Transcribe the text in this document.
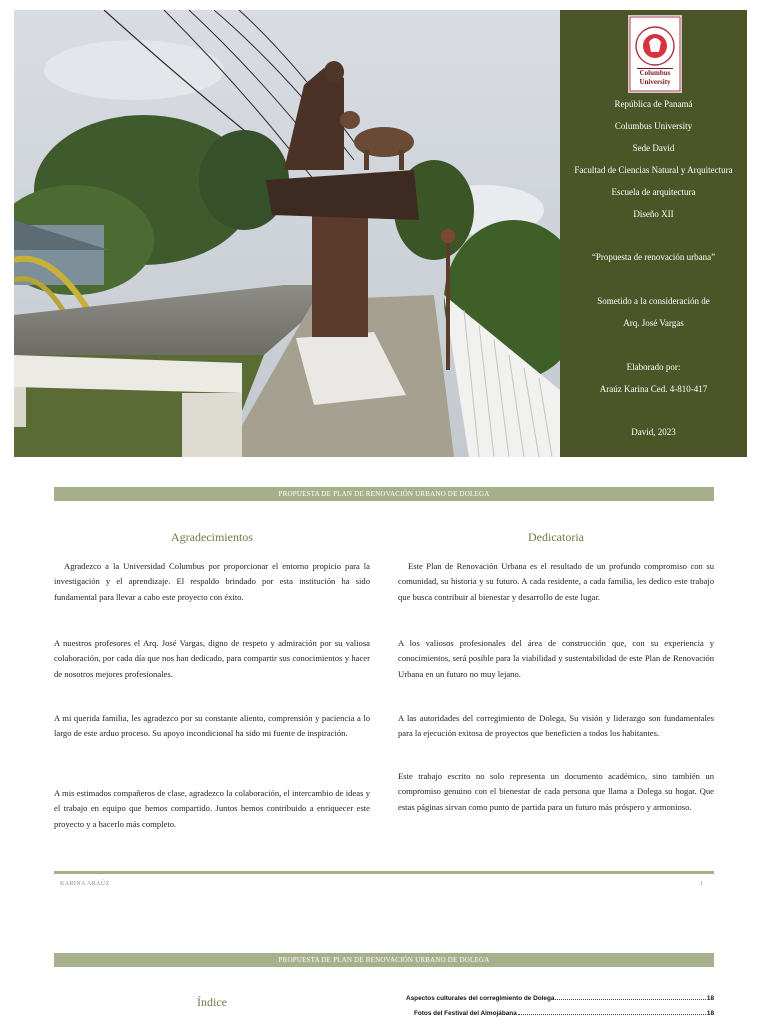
Columbus
University
República de Panamá
Columbus University
Sede David
Facultad de Ciencias Natural y Arquitectura
Escuela de arquitectura
Diseño XII
“Propuesta de renovación urbana”
Sometido a la consideración de
Arq. José Vargas
Elaborado por:
Araúz Karina Ced. 4-810-417
David, 2023
PROPUESTA DE PLAN DE RENOVACIÓN URBANO DE DOLEGA
Agradecimientos	Dedicatoria
Agradezco a la Universidad Columbus por proporcionar el entorno propicio para la investigación y el aprendizaje. El respaldo brindado por esta institución ha sido fundamental para llevar a cabo este proyecto con éxito.
A nuestros profesores el Arq. José Vargas, digno de respeto y admiración por su valiosa colaboración, por cada día que nos han dedicado, para compartir sus conocimientos y hacer de nosotros mejores profesionales.
A mi querida familia, les agradezco por su constante aliento, comprensión y paciencia a lo largo de este arduo proceso. Su apoyo incondicional ha sido mi fuente de inspiración.
A mis estimados compañeros de clase, agradezco la colaboración, el intercambio de ideas y el trabajo en equipo que hemos compartido. Juntos hemos contribuido a enriquecer este proyecto y a hacerlo más completo.
Este Plan de Renovación Urbana es el resultado de un profundo compromiso con su comunidad, su historia y su futuro. A cada residente, a cada familia, les dedico este trabajo que busca contribuir al bienestar y desarrollo de este lugar.
A los valiosos profesionales del área de construcción que, con su experiencia y conocimientos, será posible para la viabilidad y sustentabilidad de este Plan de Renovación Urbana en un futuro no muy lejano.
A las autoridades del corregimiento de Dolega, Su visión y liderazgo son fundamentales para la ejecución exitosa de proyectos que beneficien a todos los habitantes.
Este trabajo escrito no solo representa un documento académico, sino también un compromiso genuino con el bienestar de cada persona que llama a Dolega su hogar. Que estas páginas sirvan como punto de partida para un futuro más próspero y armonioso.
KARINA ARAÚZ	1
PROPUESTA DE PLAN DE RENOVACIÓN URBANO DE DOLEGA
Índice	Aspectos culturales del corregimiento de Dolega	18
Fotos del Festival del Almojábana	18
